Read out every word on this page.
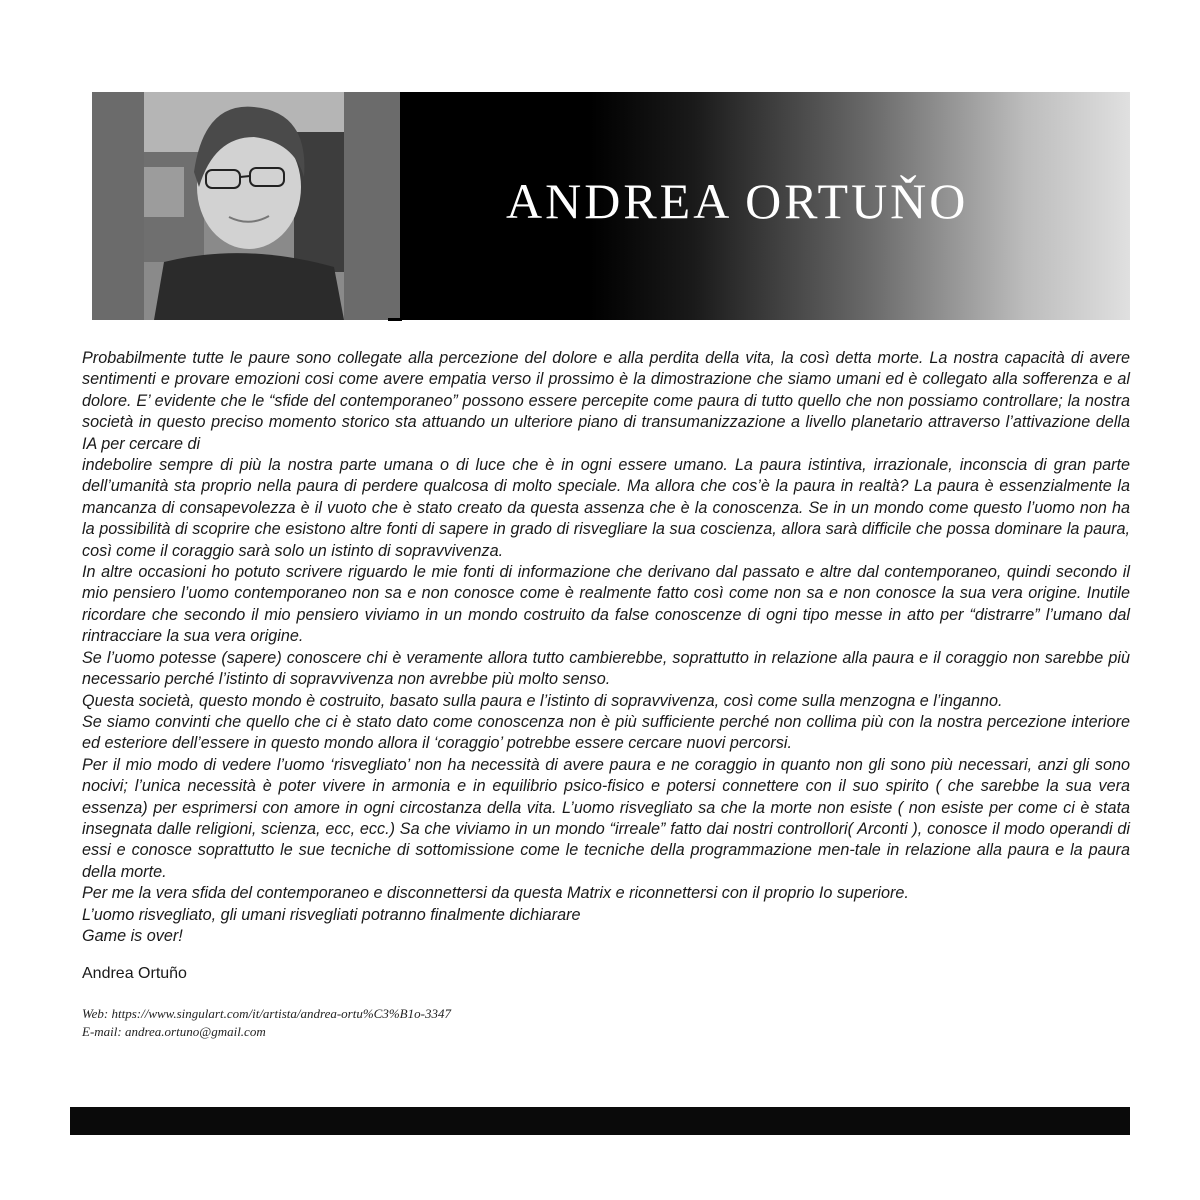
ANDREA ORTUŇO

Probabilmente tutte le paure sono collegate alla percezione del dolore e alla perdita della vita, la così detta morte. La nostra capacità di avere sentimenti e provare emozioni cosi come avere empatia verso il prossimo è la dimostrazione che siamo umani ed è collegato alla sofferenza e al dolore. E’ evidente che le “sfide del contemporaneo” possono essere percepite come paura di tutto quello che non possiamo controllare; la nostra società in questo preciso momento storico sta attuando un ulteriore piano di transumanizzazione a livello planetario attraverso l’attivazione della IA per cercare di

indebolire sempre di più la nostra parte umana o di luce che è in ogni essere umano. La paura istintiva, irrazionale, inconscia di gran parte dell’umanità sta proprio nella paura di perdere qualcosa di molto speciale. Ma allora che cos’è la paura in realtà? La paura è essenzialmente la mancanza di consapevolezza è il vuoto che è stato creato da questa assenza che è la conoscenza. Se in un mondo come questo l’uomo non ha la possibilità di scoprire che esistono altre fonti di sapere in grado di risvegliare la sua coscienza, allora sarà difficile che possa dominare la paura, così come il coraggio sarà solo un istinto di sopravvivenza.

In altre occasioni ho potuto scrivere riguardo le mie fonti di informazione che derivano dal passato e altre dal contemporaneo, quindi secondo il mio pensiero l’uomo contemporaneo non sa e non conosce come è realmente fatto così come non sa e non conosce la sua vera origine. Inutile ricordare che secondo il mio pensiero viviamo in un mondo costruito da false conoscenze di ogni tipo messe in atto per “distrarre” l’umano dal rintracciare la sua vera origine.

Se l’uomo potesse (sapere) conoscere chi è veramente allora tutto cambierebbe, soprattutto in relazione alla paura e il coraggio non sarebbe più necessario perché l’istinto di sopravvivenza non avrebbe più molto senso.

Questa società, questo mondo è costruito, basato sulla paura e l’istinto di sopravvivenza, così come sulla menzogna e l’inganno.

Se siamo convinti che quello che ci è stato dato come conoscenza non è più sufficiente perché non collima più con la nostra percezione interiore ed esteriore dell’essere in questo mondo allora il ‘coraggio’ potrebbe essere cercare nuovi percorsi.

Per il mio modo di vedere l’uomo ‘risvegliato’ non ha necessità di avere paura e ne coraggio in quanto non gli sono più necessari, anzi gli sono nocivi; l’unica necessità è poter vivere in armonia e in equilibrio psico-fisico e potersi connettere con il suo spirito ( che sarebbe la sua vera essenza) per esprimersi con amore in ogni circostanza della vita. L’uomo risvegliato sa che la morte non esiste ( non esiste per come ci è stata insegnata dalle religioni, scienza, ecc, ecc.) Sa che viviamo in un mondo “irreale” fatto dai nostri controllori( Arconti ), conosce il modo operandi di essi e conosce soprattutto le sue tecniche di sottomissione come le tecniche della programmazione men-tale in relazione alla paura e la paura della morte.

Per me la vera sfida del contemporaneo e disconnettersi da questa Matrix e riconnettersi con il proprio Io superiore.

L’uomo risvegliato, gli umani risvegliati potranno finalmente dichiarare

Game is over!

Andrea Ortuño
Web: https://www.singulart.com/it/artista/andrea-ortu%C3%B1o-3347
E-mail: andrea.ortuno@gmail.com
